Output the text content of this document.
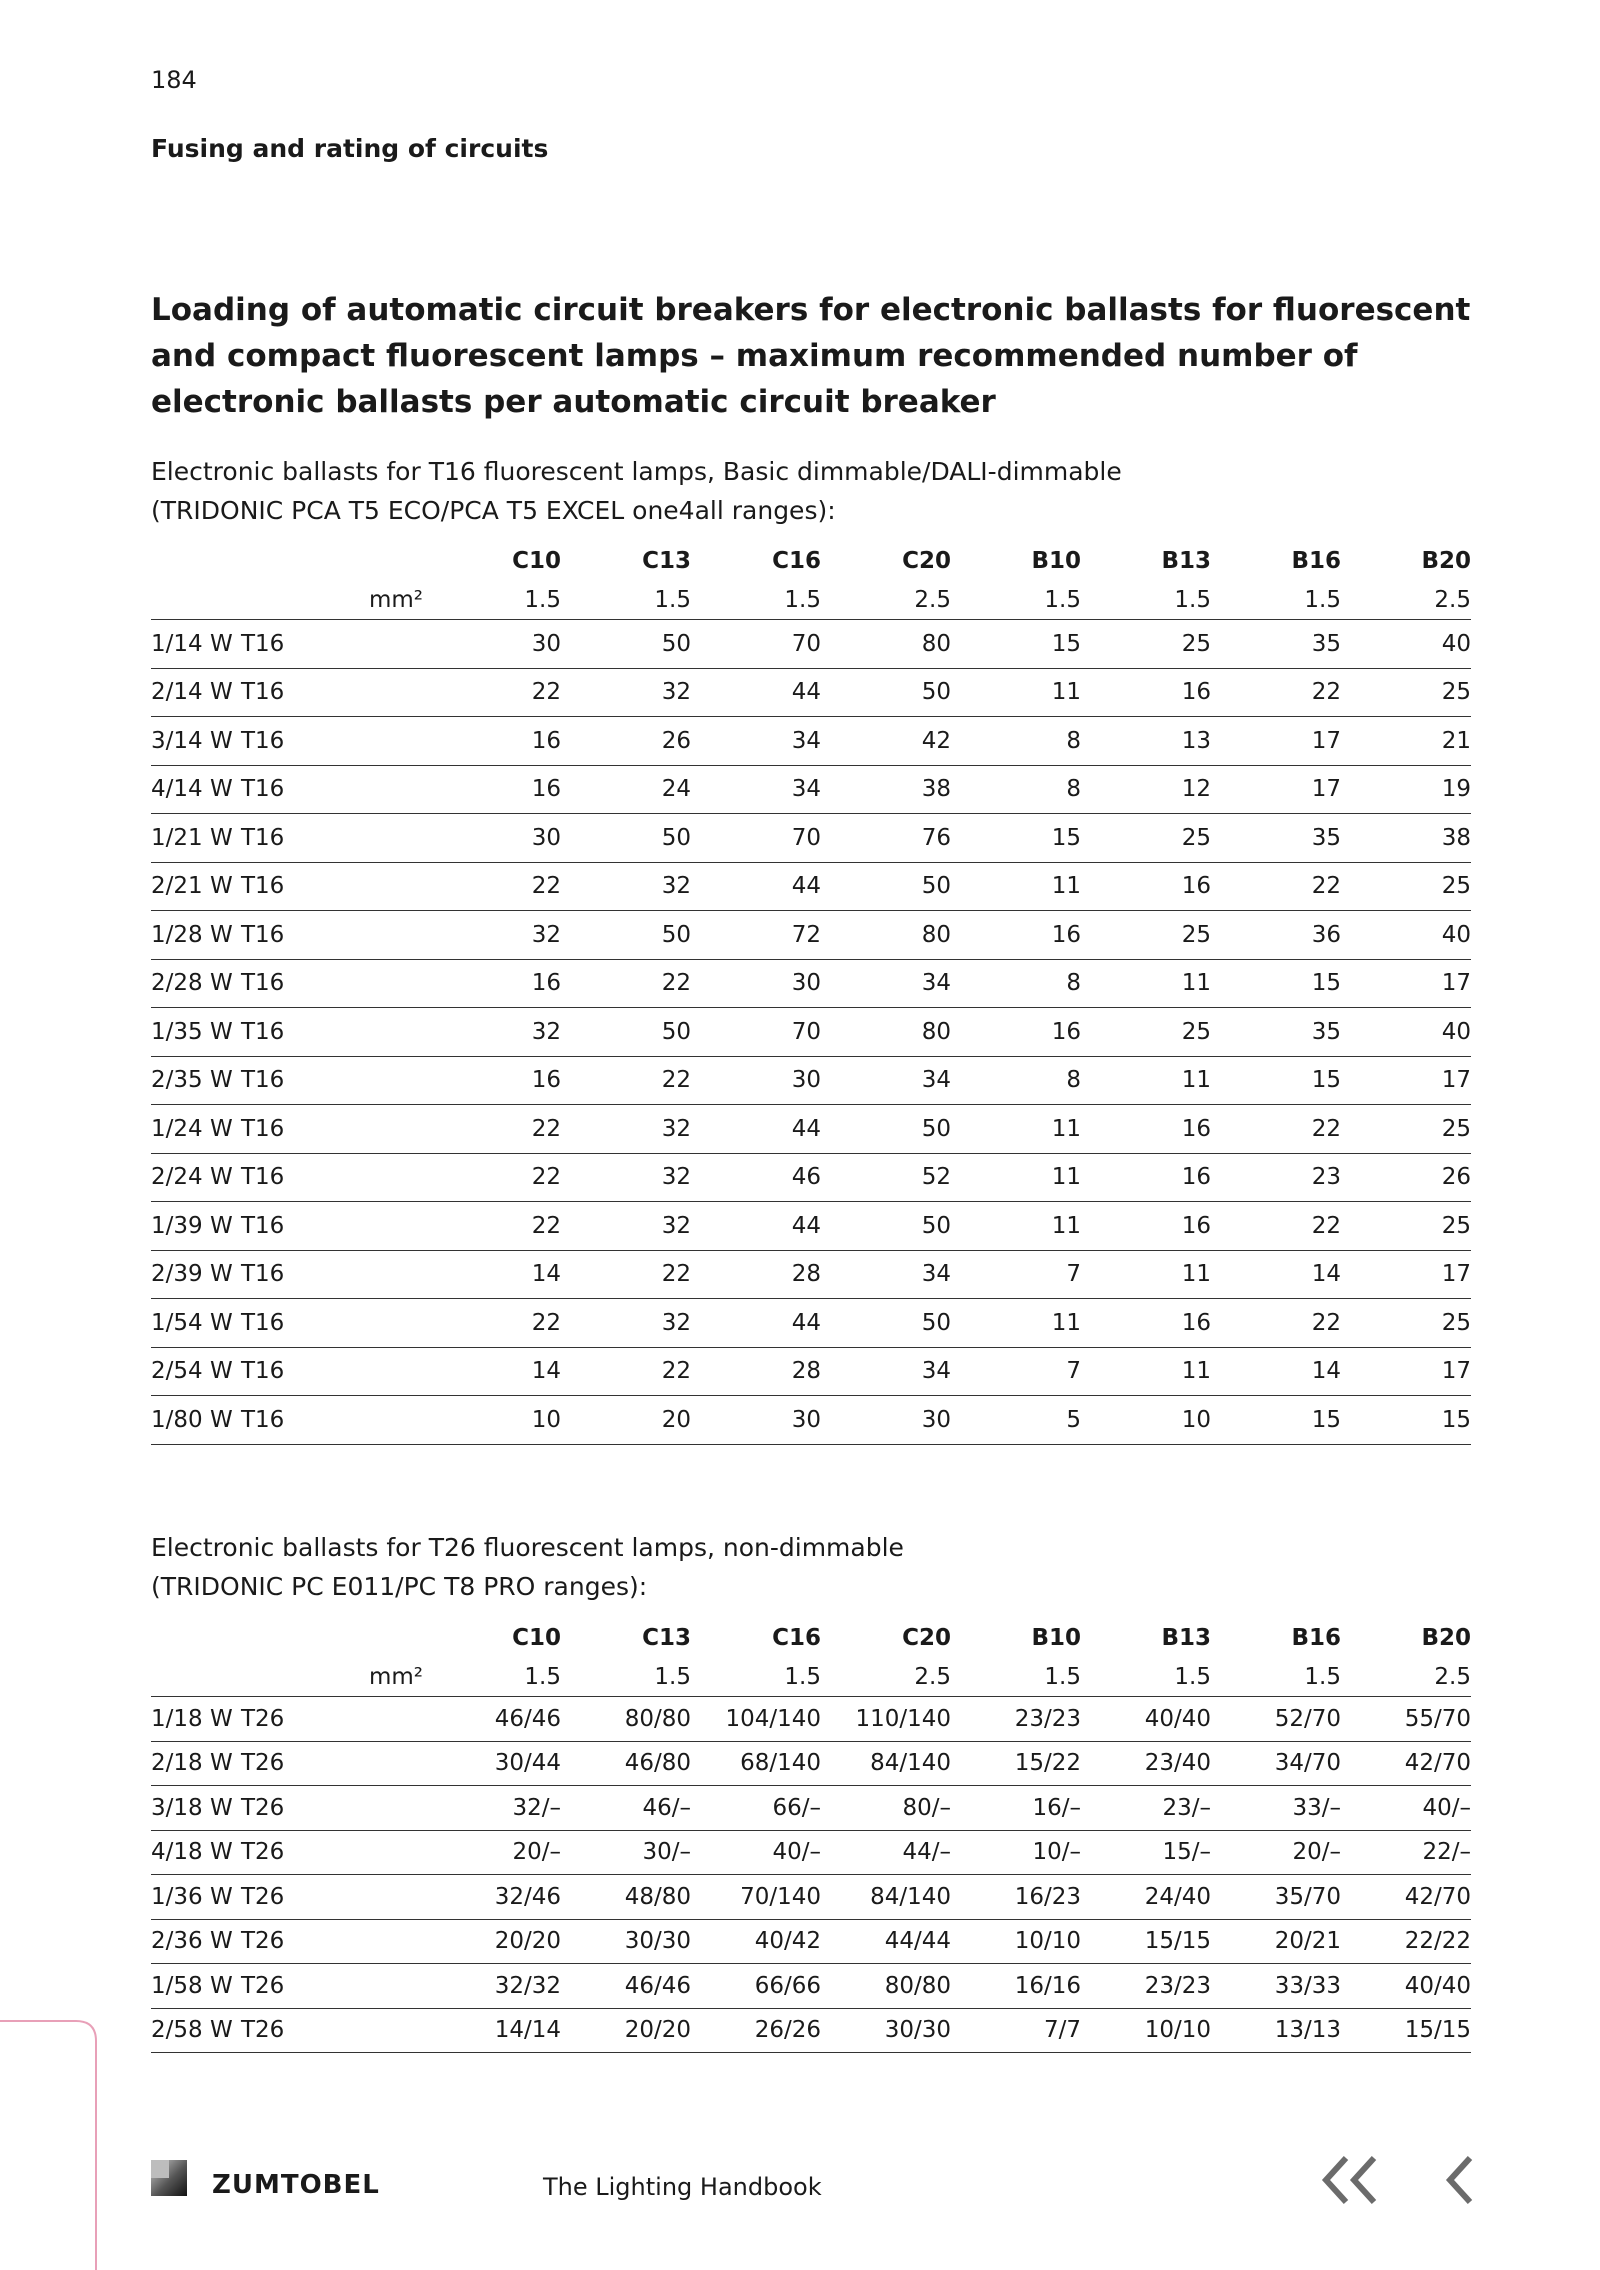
184
Fusing and rating of circuits
Loading of automatic circuit breakers for electronic ballasts for fluorescent and compact fluorescent lamps – maximum recommended number of electronic ballasts per automatic circuit breaker
Electronic ballasts for T16 fluorescent lamps, Basic dimmable/DALI-dimmable
(TRIDONIC PCA T5 ECO/PCA T5 EXCEL one4all ranges):
	C10	C13	C16	C20	B10	B13	B16	B20
mm²	1.5	1.5	1.5	2.5	1.5	1.5	1.5	2.5
1/14 W T16	30	50	70	80	15	25	35	40
2/14 W T16	22	32	44	50	11	16	22	25
3/14 W T16	16	26	34	42	8	13	17	21
4/14 W T16	16	24	34	38	8	12	17	19
1/21 W T16	30	50	70	76	15	25	35	38
2/21 W T16	22	32	44	50	11	16	22	25
1/28 W T16	32	50	72	80	16	25	36	40
2/28 W T16	16	22	30	34	8	11	15	17
1/35 W T16	32	50	70	80	16	25	35	40
2/35 W T16	16	22	30	34	8	11	15	17
1/24 W T16	22	32	44	50	11	16	22	25
2/24 W T16	22	32	46	52	11	16	23	26
1/39 W T16	22	32	44	50	11	16	22	25
2/39 W T16	14	22	28	34	7	11	14	17
1/54 W T16	22	32	44	50	11	16	22	25
2/54 W T16	14	22	28	34	7	11	14	17
1/80 W T16	10	20	30	30	5	10	15	15
Electronic ballasts for T26 fluorescent lamps, non-dimmable
(TRIDONIC PC E011/PC T8 PRO ranges):
	C10	C13	C16	C20	B10	B13	B16	B20
mm²	1.5	1.5	1.5	2.5	1.5	1.5	1.5	2.5
1/18 W T26	46/46	80/80	104/140	110/140	23/23	40/40	52/70	55/70
2/18 W T26	30/44	46/80	68/140	84/140	15/22	23/40	34/70	42/70
3/18 W T26	32/–	46/–	66/–	80/–	16/–	23/–	33/–	40/–
4/18 W T26	20/–	30/–	40/–	44/–	10/–	15/–	20/–	22/–
1/36 W T26	32/46	48/80	70/140	84/140	16/23	24/40	35/70	42/70
2/36 W T26	20/20	30/30	40/42	44/44	10/10	15/15	20/21	22/22
1/58 W T26	32/32	46/46	66/66	80/80	16/16	23/23	33/33	40/40
2/58 W T26	14/14	20/20	26/26	30/30	7/7	10/10	13/13	15/15
ZUMTOBEL	The Lighting Handbook
